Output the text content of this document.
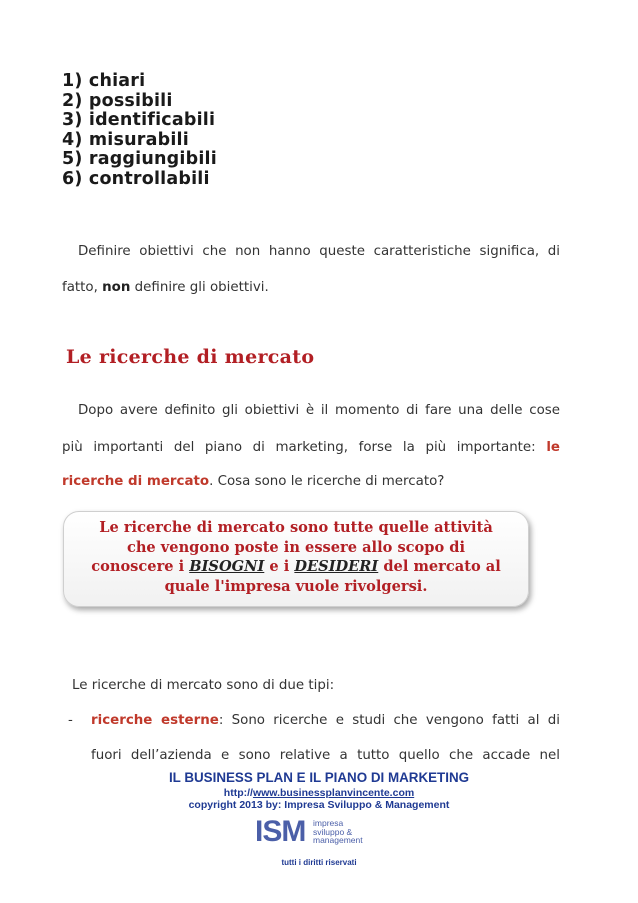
1) chiari
2) possibili
3) identificabili
4) misurabili
5) raggiungibili
6) controllabili
Definire obiettivi che non hanno queste caratteristiche significa, di
fatto, non definire gli obiettivi.
Le ricerche di mercato
Dopo avere definito gli obiettivi è il momento di fare una delle cose
più importanti del piano di marketing, forse la più importante: le
ricerche di mercato. Cosa sono le ricerche di mercato?
Le ricerche di mercato sono tutte quelle attività
che vengono poste in essere allo scopo di
conoscere i BISOGNI e i DESIDERI del mercato al
quale l'impresa vuole rivolgersi.
Le ricerche di mercato sono di due tipi:
-	ricerche esterne: Sono ricerche e studi che vengono fatti al di
fuori dell’azienda e sono relative a tutto quello che accade nel
IL BUSINESS PLAN E IL PIANO DI MARKETING
http://www.businessplanvincente.com
copyright 2013 by: Impresa Sviluppo & Management
ISM impresa
sviluppo &
management
tutti i diritti riservati
